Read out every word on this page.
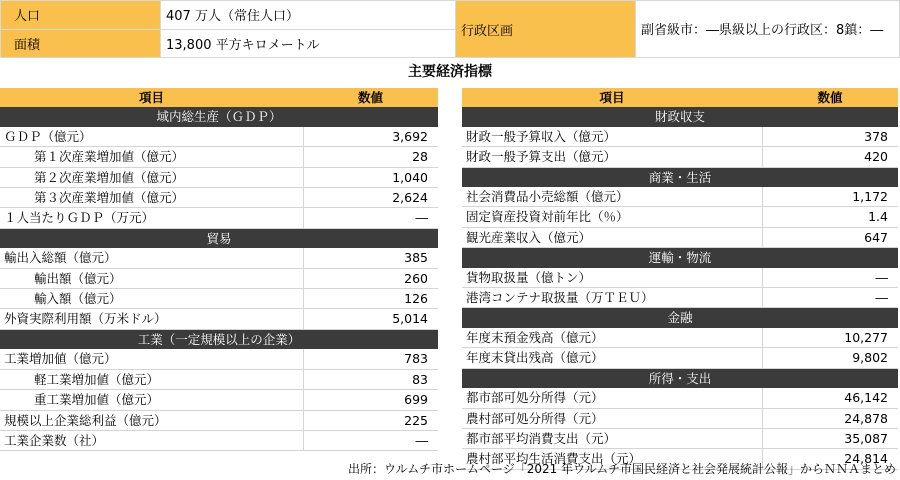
人口	407 万人（常住人口）
面積	13,800 平方キロメートル
行政区画	副省級市：― 県級以上の行政区：8 鎮：―
主要経済指標
項目	数値
域内総生産（ＧＤＰ）	
ＧＤＰ（億元）	3,692
第１次産業増加値（億元）	28
第２次産業増加値（億元）	1,040
第３次産業増加値（億元）	2,624
１人当たりＧＤＰ（万元）	―
貿易	
輸出入総額（億元）	385
輸出額（億元）	260
輸入額（億元）	126
外資実際利用額（万米ドル）	5,014
工業（一定規模以上の企業）	
工業増加値（億元）	783
軽工業増加値（億元）	83
重工業増加値（億元）	699
規模以上企業総利益（億元）	225
工業企業数（社）	―
項目	数値
財政収支	
財政一般予算収入（億元）	378
財政一般予算支出（億元）	420
商業・生活	
社会消費品小売総額（億元）	1,172
固定資産投資対前年比（％）	1.4
観光産業収入（億元）	647
運輸・物流	
貨物取扱量（億トン）	―
港湾コンテナ取扱量（万ＴＥＵ）	―
金融	
年度末預金残高（億元）	10,277
年度末貸出残高（億元）	9,802
所得・支出	
都市部可処分所得（元）	46,142
農村部可処分所得（元）	24,878
都市部平均消費支出（元）	35,087
農村部平均生活消費支出（元）	24,814
出所：ウルムチ市ホームページ「2021 年ウルムチ市国民経済と社会発展統計公報」からＮＮＡまとめ
